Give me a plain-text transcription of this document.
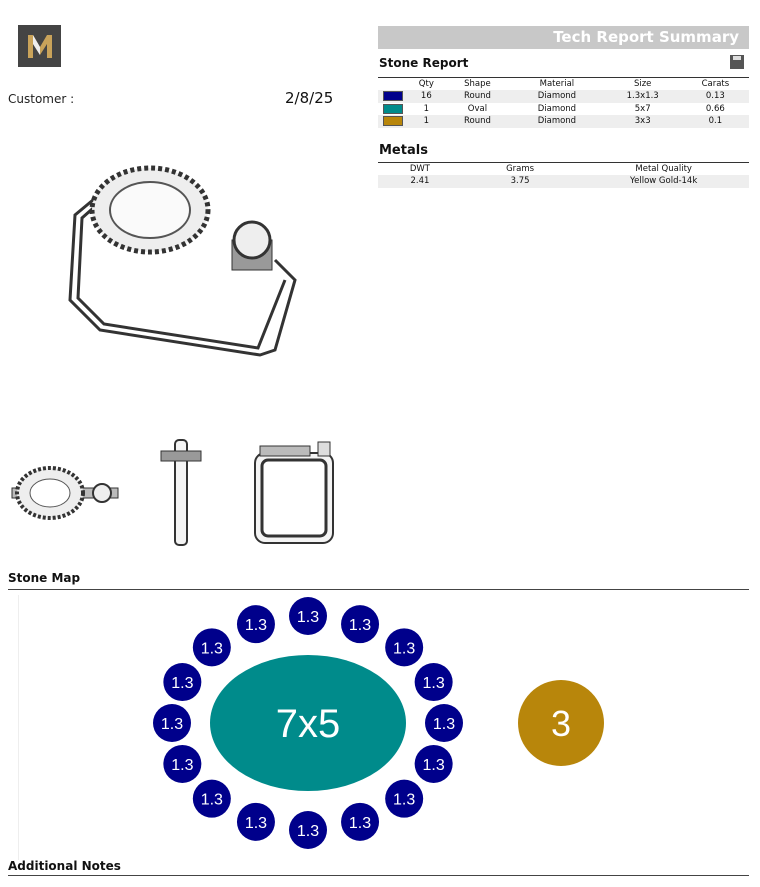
Customer :	2/8/25
Tech Report Summary
Stone Report
	Qty	Shape	Material	Size	Carats
	16	Round	Diamond	1.3x1.3	0.13
	1	Oval	Diamond	5x7	0.66
	1	Round	Diamond	3x3	0.1
Metals
DWT	Grams	Metal Quality
2.41	3.75	Yellow Gold-14k
Stone Map
7x5
1.3 1.3
1.3
1.3
1.3
1.3
1.3
1.3
1.3
1.3
1.3
1.3
1.3
1.3
1.3
1.3
3
Additional Notes
